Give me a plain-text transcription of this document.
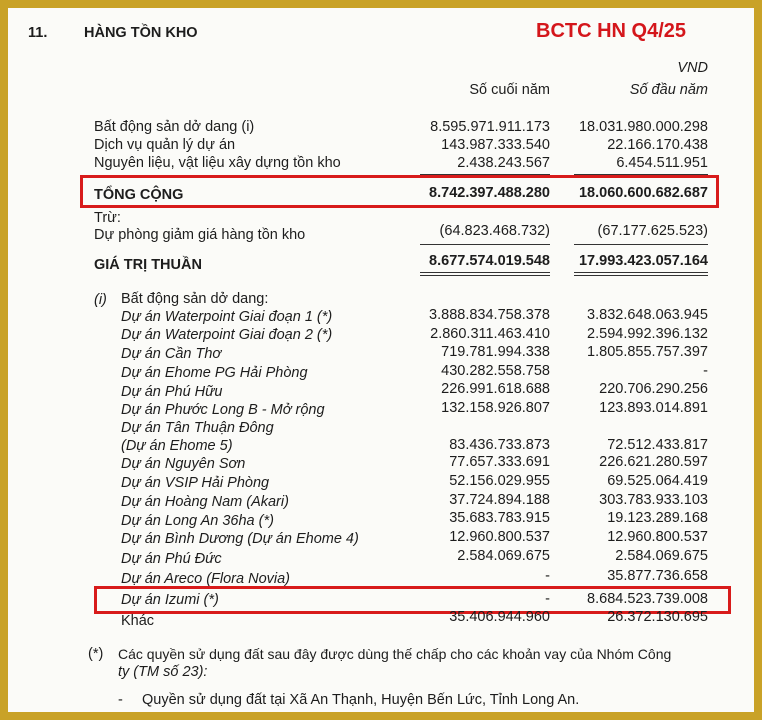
11.	HÀNG TỒN KHO	BCTC HN Q4/25
VND
Số cuối năm	Số đầu năm
Bất động sản dở dang (i)	8.595.971.911.173	18.031.980.000.298
Dịch vụ quản lý dự án	143.987.333.540	22.166.170.438
Nguyên liệu, vật liệu xây dựng tồn kho	2.438.243.567	6.454.511.951
TỔNG CỘNG	8.742.397.488.280	18.060.600.682.687
Trừ:
Dự phòng giảm giá hàng tồn kho	(64.823.468.732)	(67.177.625.523)
GIÁ TRỊ THUẦN	8.677.574.019.548	17.993.423.057.164
(i) Bất động sản dở dang:
Dự án Waterpoint Giai đoạn 1 (*)	3.888.834.758.378	3.832.648.063.945
Dự án Waterpoint Giai đoạn 2 (*)	2.860.311.463.410	2.594.992.396.132
Dự án Cần Thơ	719.781.994.338	1.805.855.757.397
Dự án Ehome PG Hải Phòng	430.282.558.758	-
Dự án Phú Hữu	226.991.618.688	220.706.290.256
Dự án Phước Long B - Mở rộng	132.158.926.807	123.893.014.891
Dự án Tân Thuận Đông
(Dự án Ehome 5)	83.436.733.873	72.512.433.817
Dự án Nguyên Sơn	77.657.333.691	226.621.280.597
Dự án VSIP Hải Phòng	52.156.029.955	69.525.064.419
Dự án Hoàng Nam (Akari)	37.724.894.188	303.783.933.103
Dự án Long An 36ha (*)	35.683.783.915	19.123.289.168
Dự án Bình Dương (Dự án Ehome 4)	12.960.800.537	12.960.800.537
Dự án Phú Đức	2.584.069.675	2.584.069.675
Dự án Areco (Flora Novia)	-	35.877.736.658
Dự án Izumi (*)	-	8.684.523.739.008
Khác	35.406.944.960	26.372.130.695
(*) Các quyền sử dụng đất sau đây được dùng thế chấp cho các khoản vay của Nhóm Công
ty (TM số 23):
- Quyền sử dụng đất tại Xã An Thạnh, Huyện Bến Lức, Tỉnh Long An.
